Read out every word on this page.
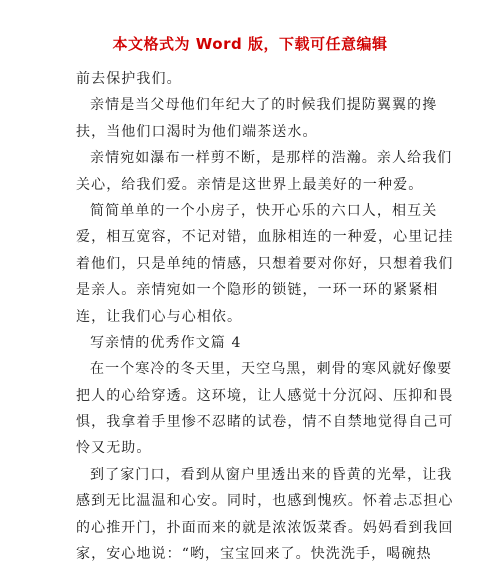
本文格式为 Word 版，下载可任意编辑
前去保护我们。
亲情是当父母他们年纪大了的时候我们提防翼翼的搀
扶，当他们口渴时为他们端茶送水。
亲情宛如瀑布一样剪不断，是那样的浩瀚。亲人给我们
关心，给我们爱。亲情是这世界上最美好的一种爱。
简简单单的一个小房子，快开心乐的六口人，相互关
爱，相互宽容，不记对错，血脉相连的一种爱，心里记挂
着他们，只是单纯的情感，只想着要对你好，只想着我们
是亲人。亲情宛如一个隐形的锁链，一环一环的紧紧相
连，让我们心与心相依。
写亲情的优秀作文篇 4
在一个寒冷的冬天里，天空乌黑，刺骨的寒风就好像要
把人的心给穿透。这环境，让人感觉十分沉闷、压抑和畏
惧，我拿着手里惨不忍睹的试卷，情不自禁地觉得自己可
怜又无助。
到了家门口，看到从窗户里透出来的昏黄的光晕，让我
感到无比温温和心安。同时，也感到愧疚。怀着忐忑担心
的心推开门，扑面而来的就是浓浓饭菜香。妈妈看到我回
家，安心地说：“哟，宝宝回来了。快洗洗手，喝碗热
